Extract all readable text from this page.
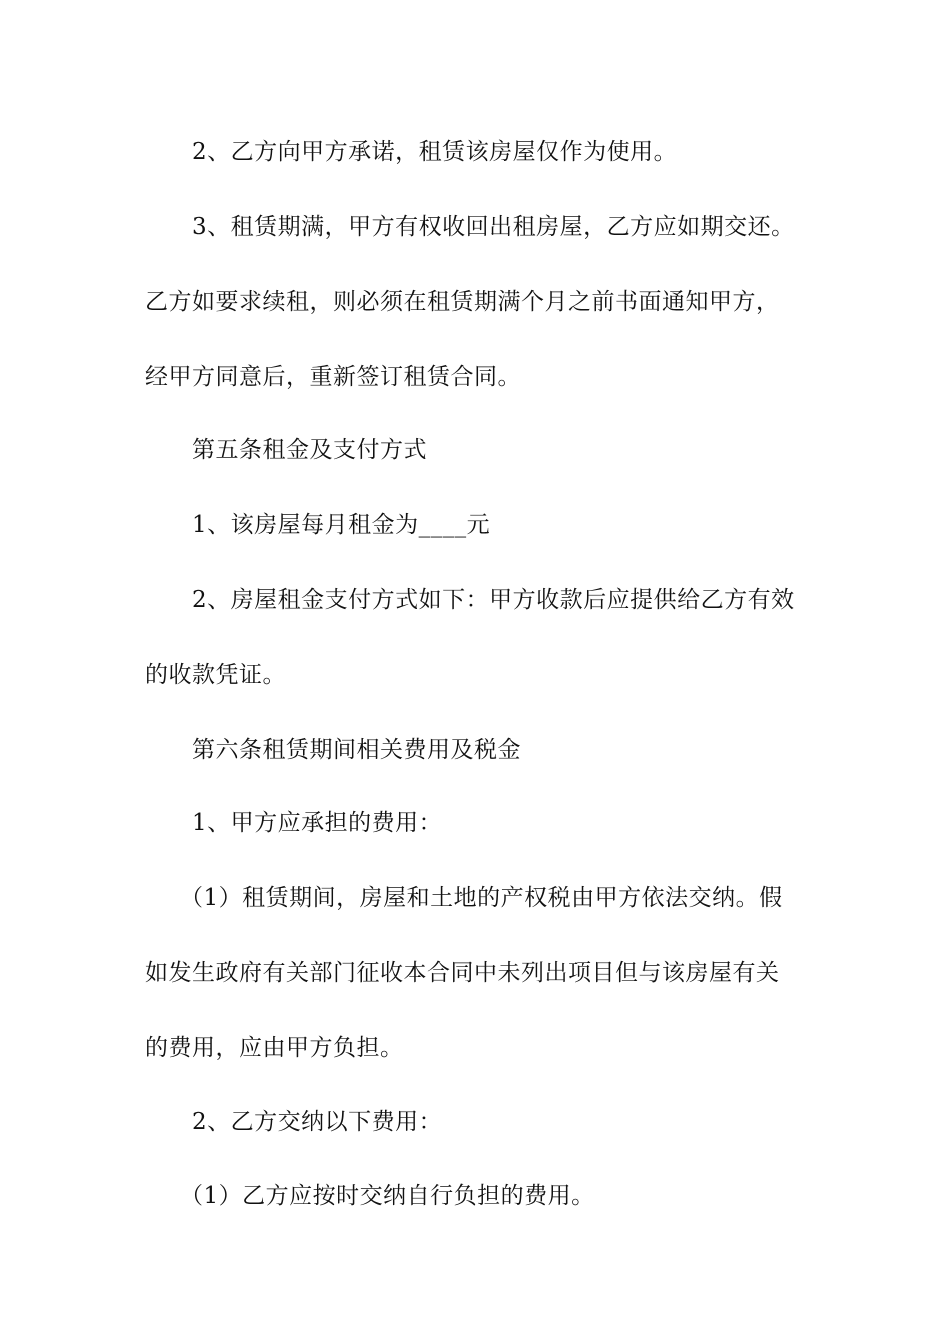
2、乙方向甲方承诺，租赁该房屋仅作为使用。
3、租赁期满，甲方有权收回出租房屋，乙方应如期交还。
乙方如要求续租，则必须在租赁期满个月之前书面通知甲方，
经甲方同意后，重新签订租赁合同。
第五条租金及支付方式
1、该房屋每月租金为____元
2、房屋租金支付方式如下：甲方收款后应提供给乙方有效
的收款凭证。
第六条租赁期间相关费用及税金
1、甲方应承担的费用：
（1）租赁期间，房屋和土地的产权税由甲方依法交纳。假
如发生政府有关部门征收本合同中未列出项目但与该房屋有关
的费用，应由甲方负担。
2、乙方交纳以下费用：
（1）乙方应按时交纳自行负担的费用。
